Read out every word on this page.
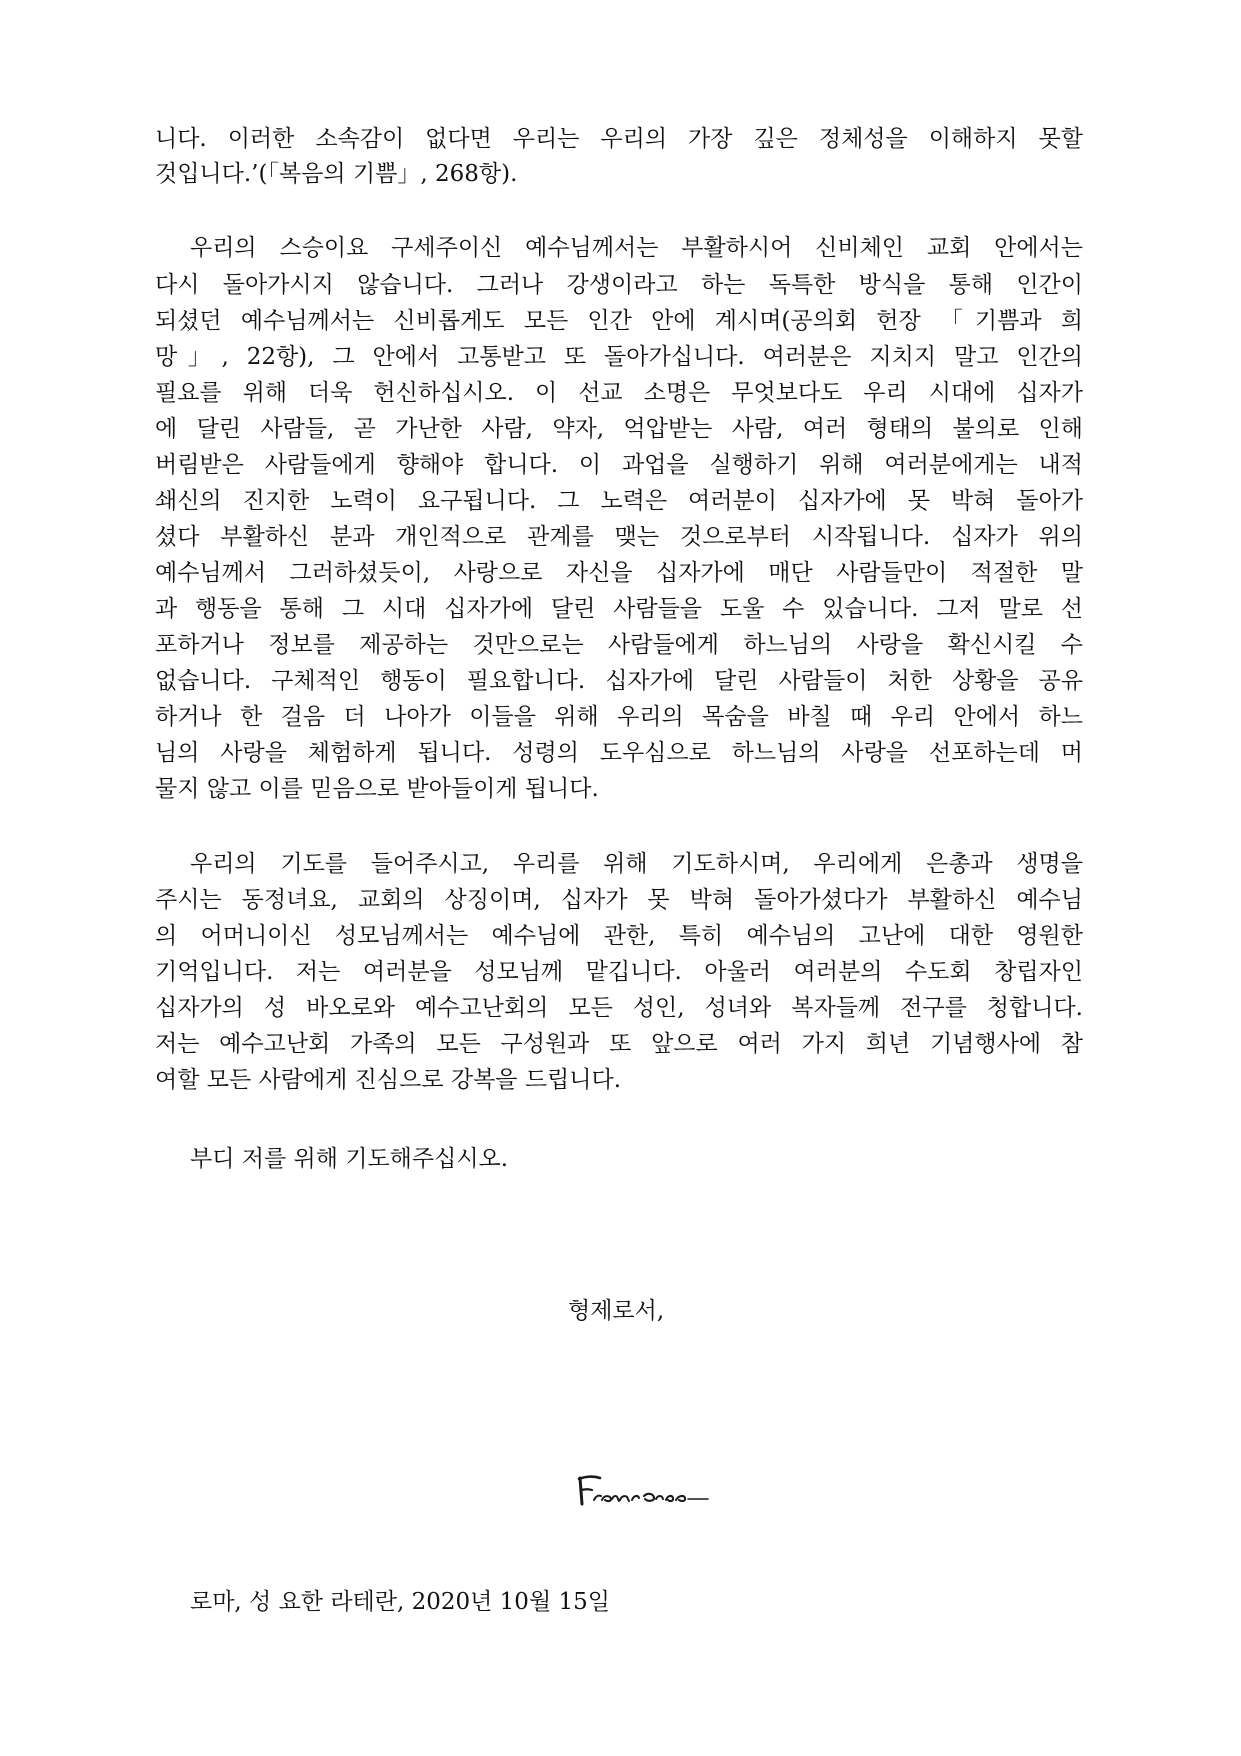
니다. 이러한 소속감이 없다면 우리는 우리의 가장 깊은 정체성을 이해하지 못할
것입니다.’(「복음의 기쁨」, 268항).
우리의 스승이요 구세주이신 예수님께서는 부활하시어 신비체인 교회 안에서는
다시 돌아가시지 않습니다. 그러나 강생이라고 하는 독특한 방식을 통해 인간이
되셨던 예수님께서는 신비롭게도 모든 인간 안에 계시며(공의회 헌장 「기쁨과 희
망」, 22항), 그 안에서 고통받고 또 돌아가십니다. 여러분은 지치지 말고 인간의
필요를 위해 더욱 헌신하십시오. 이 선교 소명은 무엇보다도 우리 시대에 십자가
에 달린 사람들, 곧 가난한 사람, 약자, 억압받는 사람, 여러 형태의 불의로 인해
버림받은 사람들에게 향해야 합니다. 이 과업을 실행하기 위해 여러분에게는 내적
쇄신의 진지한 노력이 요구됩니다. 그 노력은 여러분이 십자가에 못 박혀 돌아가
셨다 부활하신 분과 개인적으로 관계를 맺는 것으로부터 시작됩니다. 십자가 위의
예수님께서 그러하셨듯이, 사랑으로 자신을 십자가에 매단 사람들만이 적절한 말
과 행동을 통해 그 시대 십자가에 달린 사람들을 도울 수 있습니다. 그저 말로 선
포하거나 정보를 제공하는 것만으로는 사람들에게 하느님의 사랑을 확신시킬 수
없습니다. 구체적인 행동이 필요합니다. 십자가에 달린 사람들이 처한 상황을 공유
하거나 한 걸음 더 나아가 이들을 위해 우리의 목숨을 바칠 때 우리 안에서 하느
님의 사랑을 체험하게 됩니다. 성령의 도우심으로 하느님의 사랑을 선포하는데 머
물지 않고 이를 믿음으로 받아들이게 됩니다.
우리의 기도를 들어주시고, 우리를 위해 기도하시며, 우리에게 은총과 생명을
주시는 동정녀요, 교회의 상징이며, 십자가 못 박혀 돌아가셨다가 부활하신 예수님
의 어머니이신 성모님께서는 예수님에 관한, 특히 예수님의 고난에 대한 영원한
기억입니다. 저는 여러분을 성모님께 맡깁니다. 아울러 여러분의 수도회 창립자인
십자가의 성 바오로와 예수고난회의 모든 성인, 성녀와 복자들께 전구를 청합니다.
저는 예수고난회 가족의 모든 구성원과 또 앞으로 여러 가지 희년 기념행사에 참
여할 모든 사람에게 진심으로 강복을 드립니다.
부디 저를 위해 기도해주십시오.
형제로서,
로마, 성 요한 라테란, 2020년 10월 15일
